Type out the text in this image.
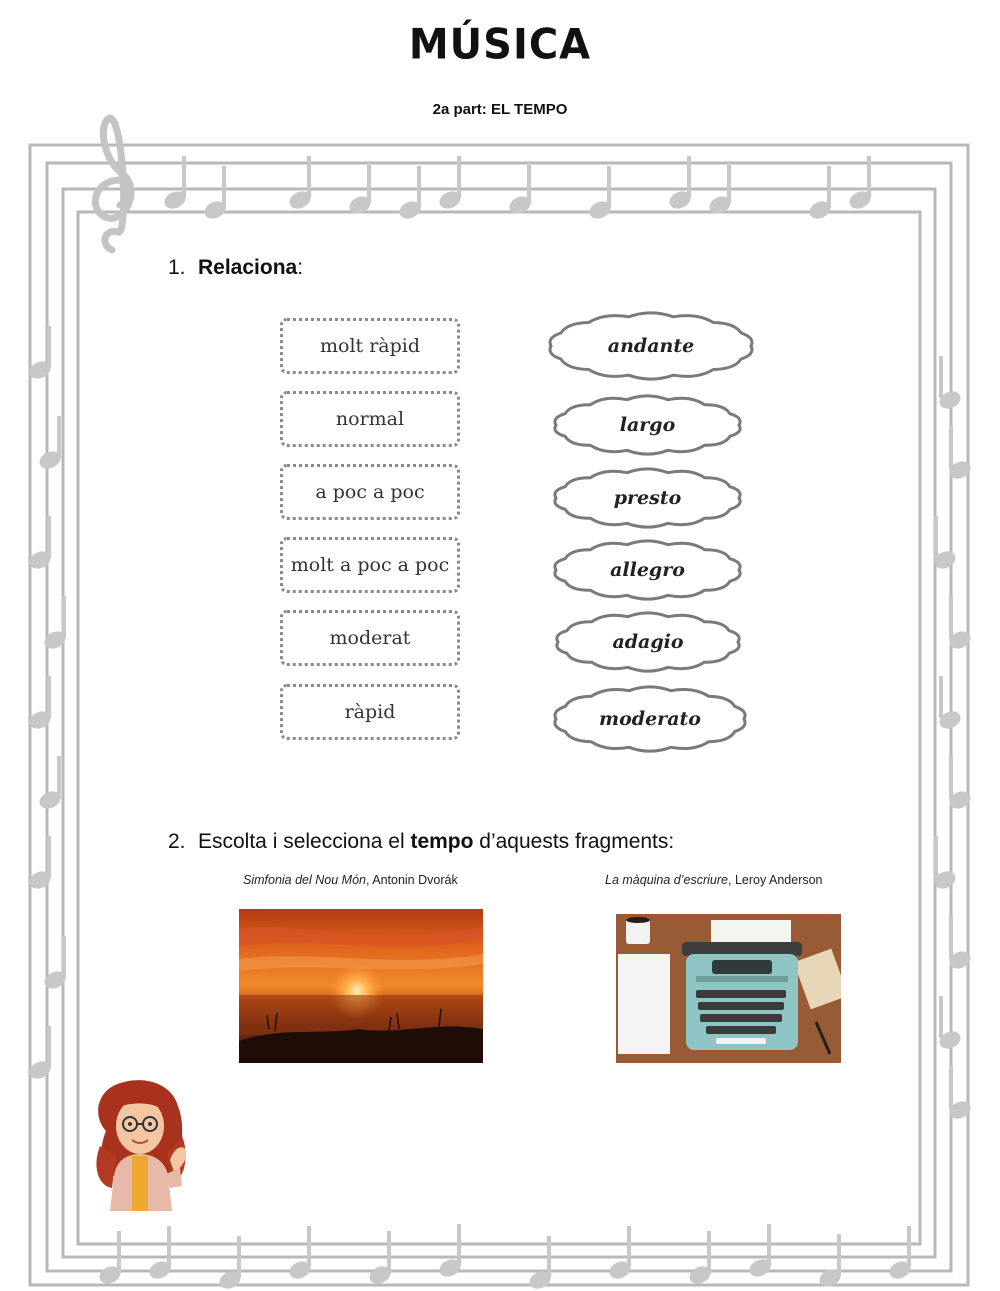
MÚSICA
2a part: EL TEMPO
1. Relaciona:
molt ràpid
normal
a poc a poc
molt a poc a poc
moderat
ràpid
andante
largo
presto
allegro
adagio
moderato
2. Escolta i selecciona el tempo d’aquests fragments:
Simfonia del Nou Món, Antonin Dvorák	La màquina d’escriure, Leroy Anderson
